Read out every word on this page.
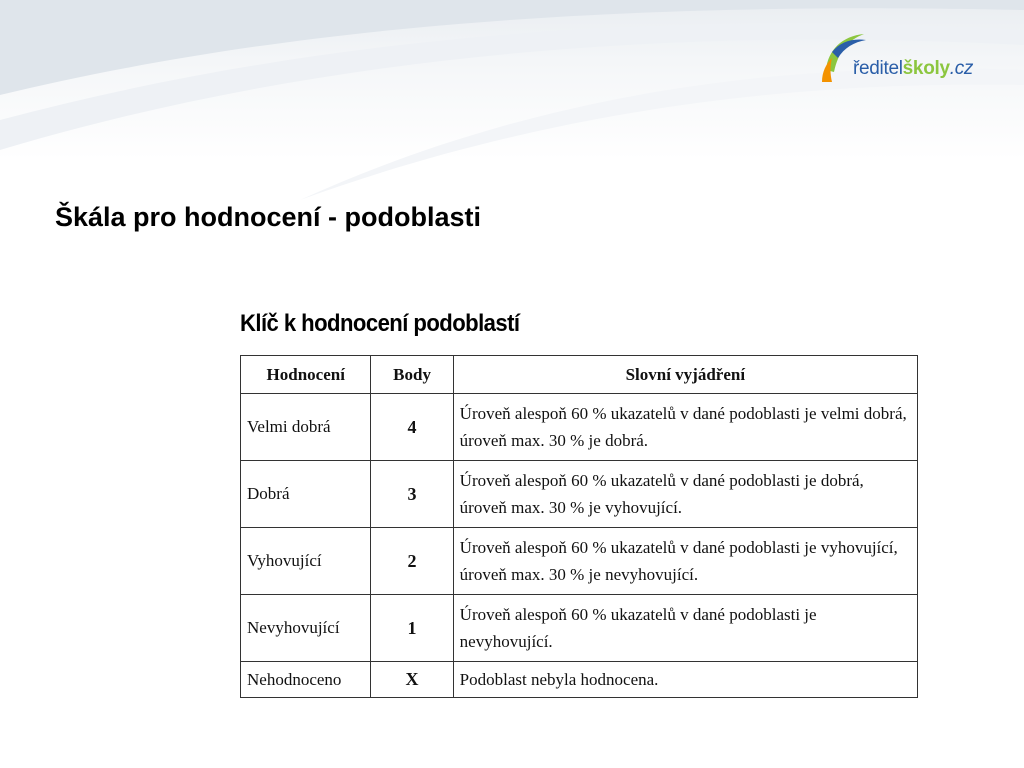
ředitelškoly.cz
Škála pro hodnocení - podoblasti
Klíč k hodnocení podoblastí
Hodnocení	Body	Slovní vyjádření
Velmi dobrá	4	Úroveň alespoň 60 % ukazatelů v dané podoblasti je velmi dobrá, úroveň max. 30 % je dobrá.
Dobrá	3	Úroveň alespoň 60 % ukazatelů v dané podoblasti je dobrá, úroveň max. 30 % je vyhovující.
Vyhovující	2	Úroveň alespoň 60 % ukazatelů v dané podoblasti je vyhovující, úroveň max. 30 % je nevyhovující.
Nevyhovující	1	Úroveň alespoň 60 % ukazatelů v dané podoblasti je nevyhovující.
Nehodnoceno	X	Podoblast nebyla hodnocena.
